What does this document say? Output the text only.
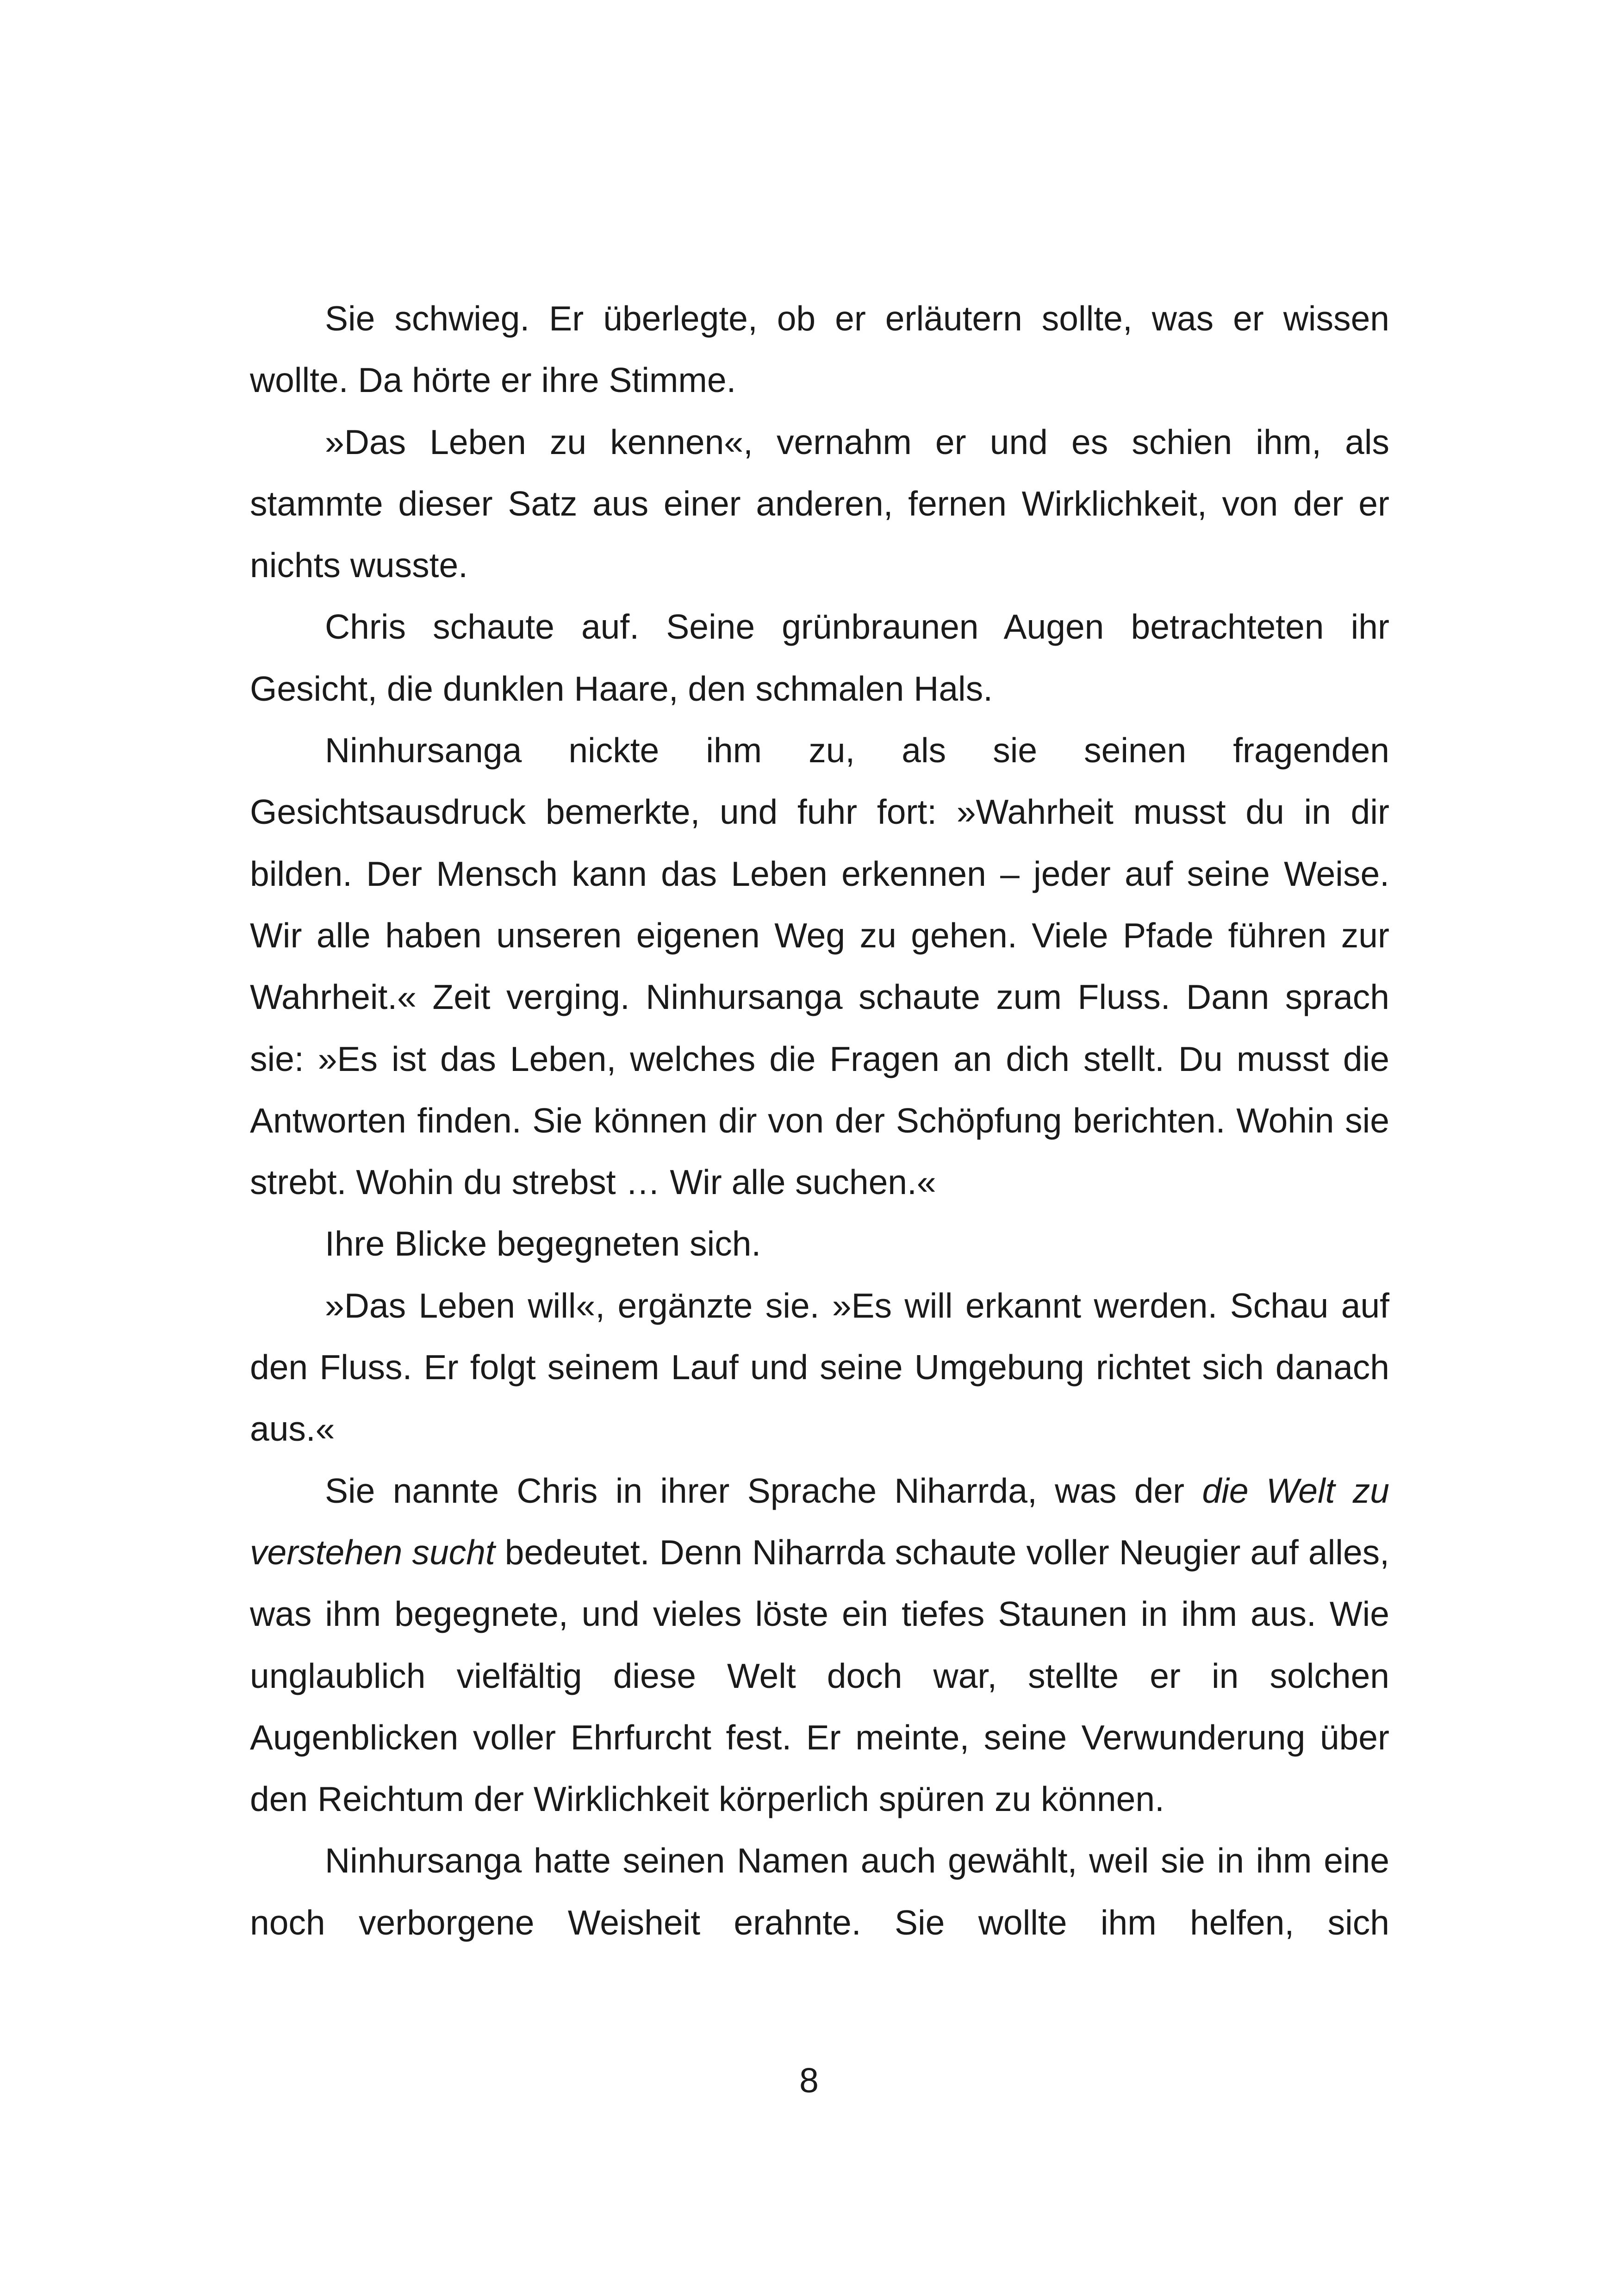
Sie schwieg. Er überlegte, ob er erläutern sollte, was er wissen wollte. Da hörte er ihre Stimme.

»Das Leben zu kennen«, vernahm er und es schien ihm, als stammte dieser Satz aus einer anderen, fernen Wirklichkeit, von der er nichts wusste.

Chris schaute auf. Seine grünbraunen Augen betrachteten ihr Gesicht, die dunklen Haare, den schmalen Hals.

Ninhursanga nickte ihm zu, als sie seinen fragenden Gesichtsausdruck bemerkte, und fuhr fort: »Wahrheit musst du in dir bilden. Der Mensch kann das Leben erkennen – jeder auf seine Weise. Wir alle haben unseren eigenen Weg zu gehen. Viele Pfade führen zur Wahrheit.« Zeit verging. Ninhursanga schaute zum Fluss. Dann sprach sie: »Es ist das Leben, welches die Fragen an dich stellt. Du musst die Antworten finden. Sie können dir von der Schöpfung berichten. Wohin sie strebt. Wohin du strebst … Wir alle suchen.«

Ihre Blicke begegneten sich.

»Das Leben will«, ergänzte sie. »Es will erkannt werden. Schau auf den Fluss. Er folgt seinem Lauf und seine Umgebung richtet sich danach aus.«

Sie nannte Chris in ihrer Sprache Niharrda, was der die Welt zu verstehen sucht bedeutet. Denn Niharrda schaute voller Neugier auf alles, was ihm begegnete, und vieles löste ein tiefes Staunen in ihm aus. Wie unglaublich vielfältig diese Welt doch war, stellte er in solchen Augenblicken voller Ehrfurcht fest. Er meinte, seine Verwunderung über den Reichtum der Wirklichkeit körperlich spüren zu können.

Ninhursanga hatte seinen Namen auch gewählt, weil sie in ihm eine noch verborgene Weisheit erahnte. Sie wollte ihm helfen, sich

8
